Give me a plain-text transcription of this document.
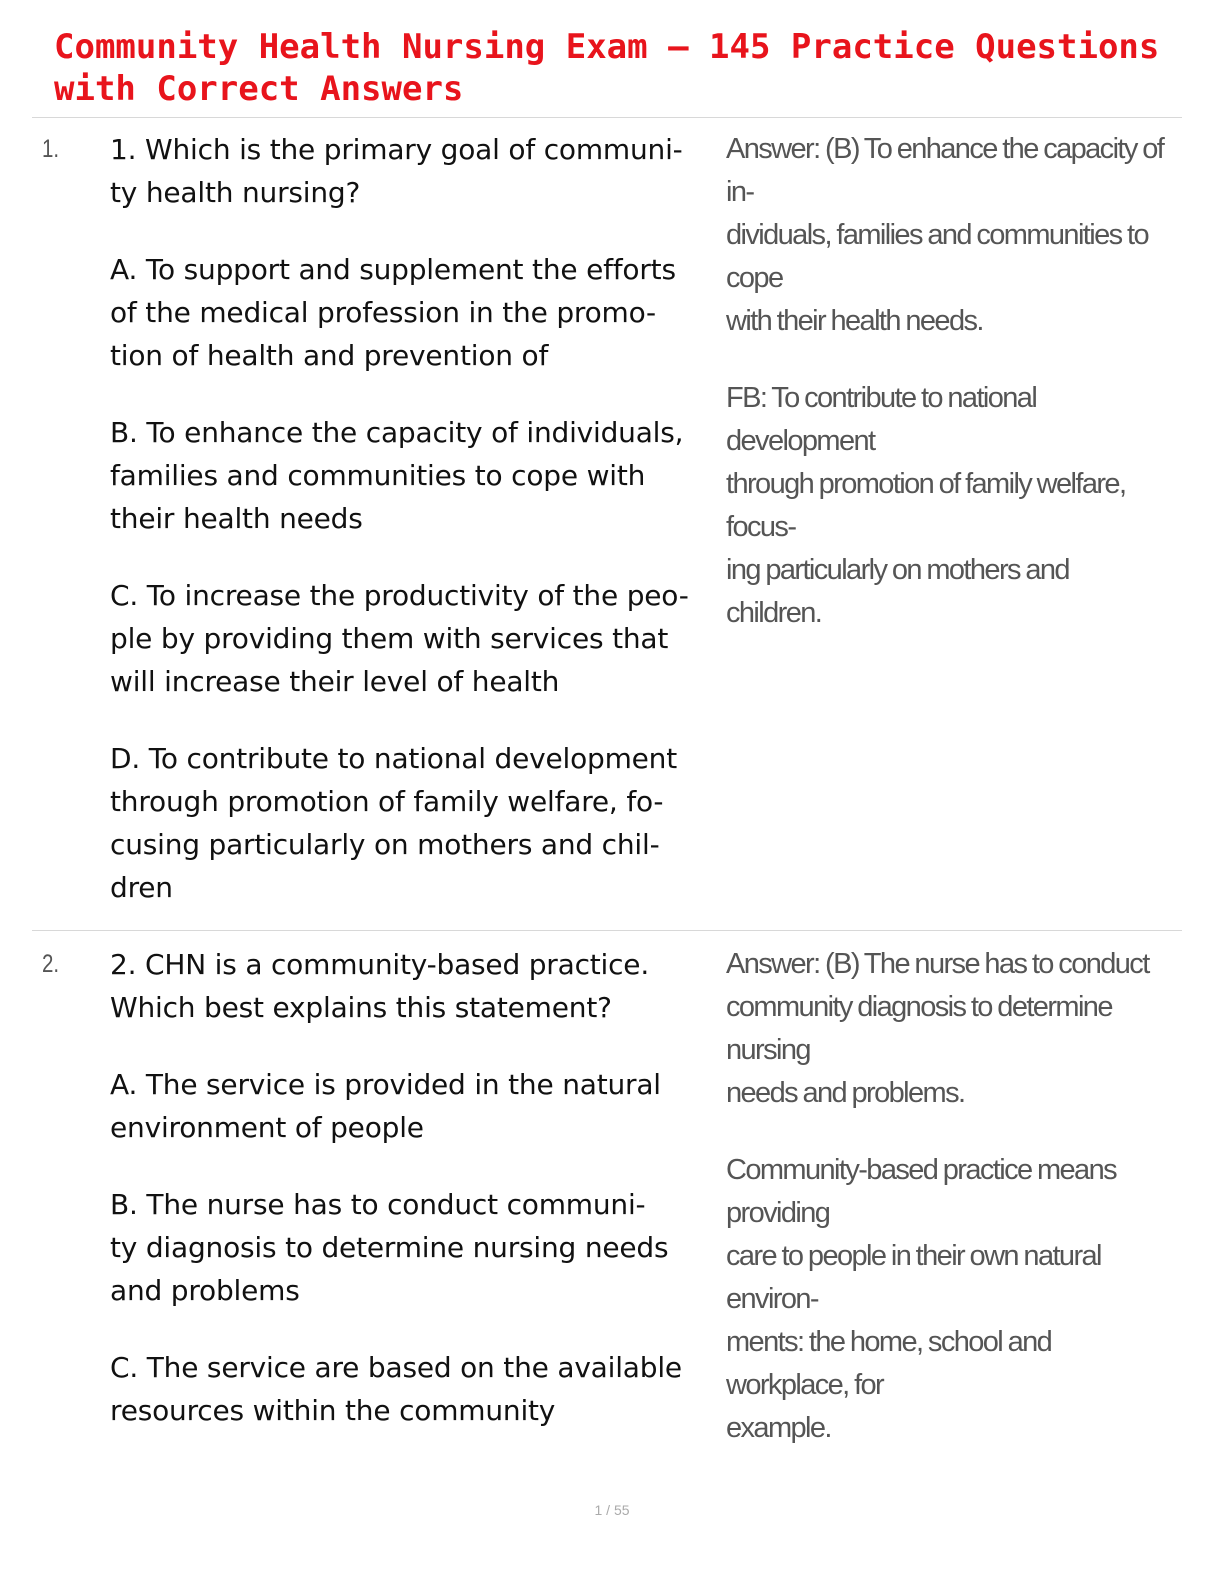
Community Health Nursing Exam – 145 Practice Questions
with Correct Answers
1. 1. Which is the primary goal of communi-
ty health nursing?

A. To support and supplement the efforts
of the medical profession in the promo-
tion of health and prevention of

B. To enhance the capacity of individuals,
families and communities to cope with
their health needs

C. To increase the productivity of the peo-
ple by providing them with services that
will increase their level of health

D. To contribute to national development
through promotion of family welfare, fo-
cusing particularly on mothers and chil-
dren

Answer: (B) To enhance the capacity of in-
dividuals, families and communities to cope
with their health needs.

FB: To contribute to national development
through promotion of family welfare, focus-
ing particularly on mothers and children.

2. 2. CHN is a community-based practice.
Which best explains this statement?

A. The service is provided in the natural
environment of people

B. The nurse has to conduct communi-
ty diagnosis to determine nursing needs
and problems

C. The service are based on the available
resources within the community

Answer: (B) The nurse has to conduct
community diagnosis to determine nursing
needs and problems.

Community-based practice means providing
care to people in their own natural environ-
ments: the home, school and workplace, for
example.

1 / 55
